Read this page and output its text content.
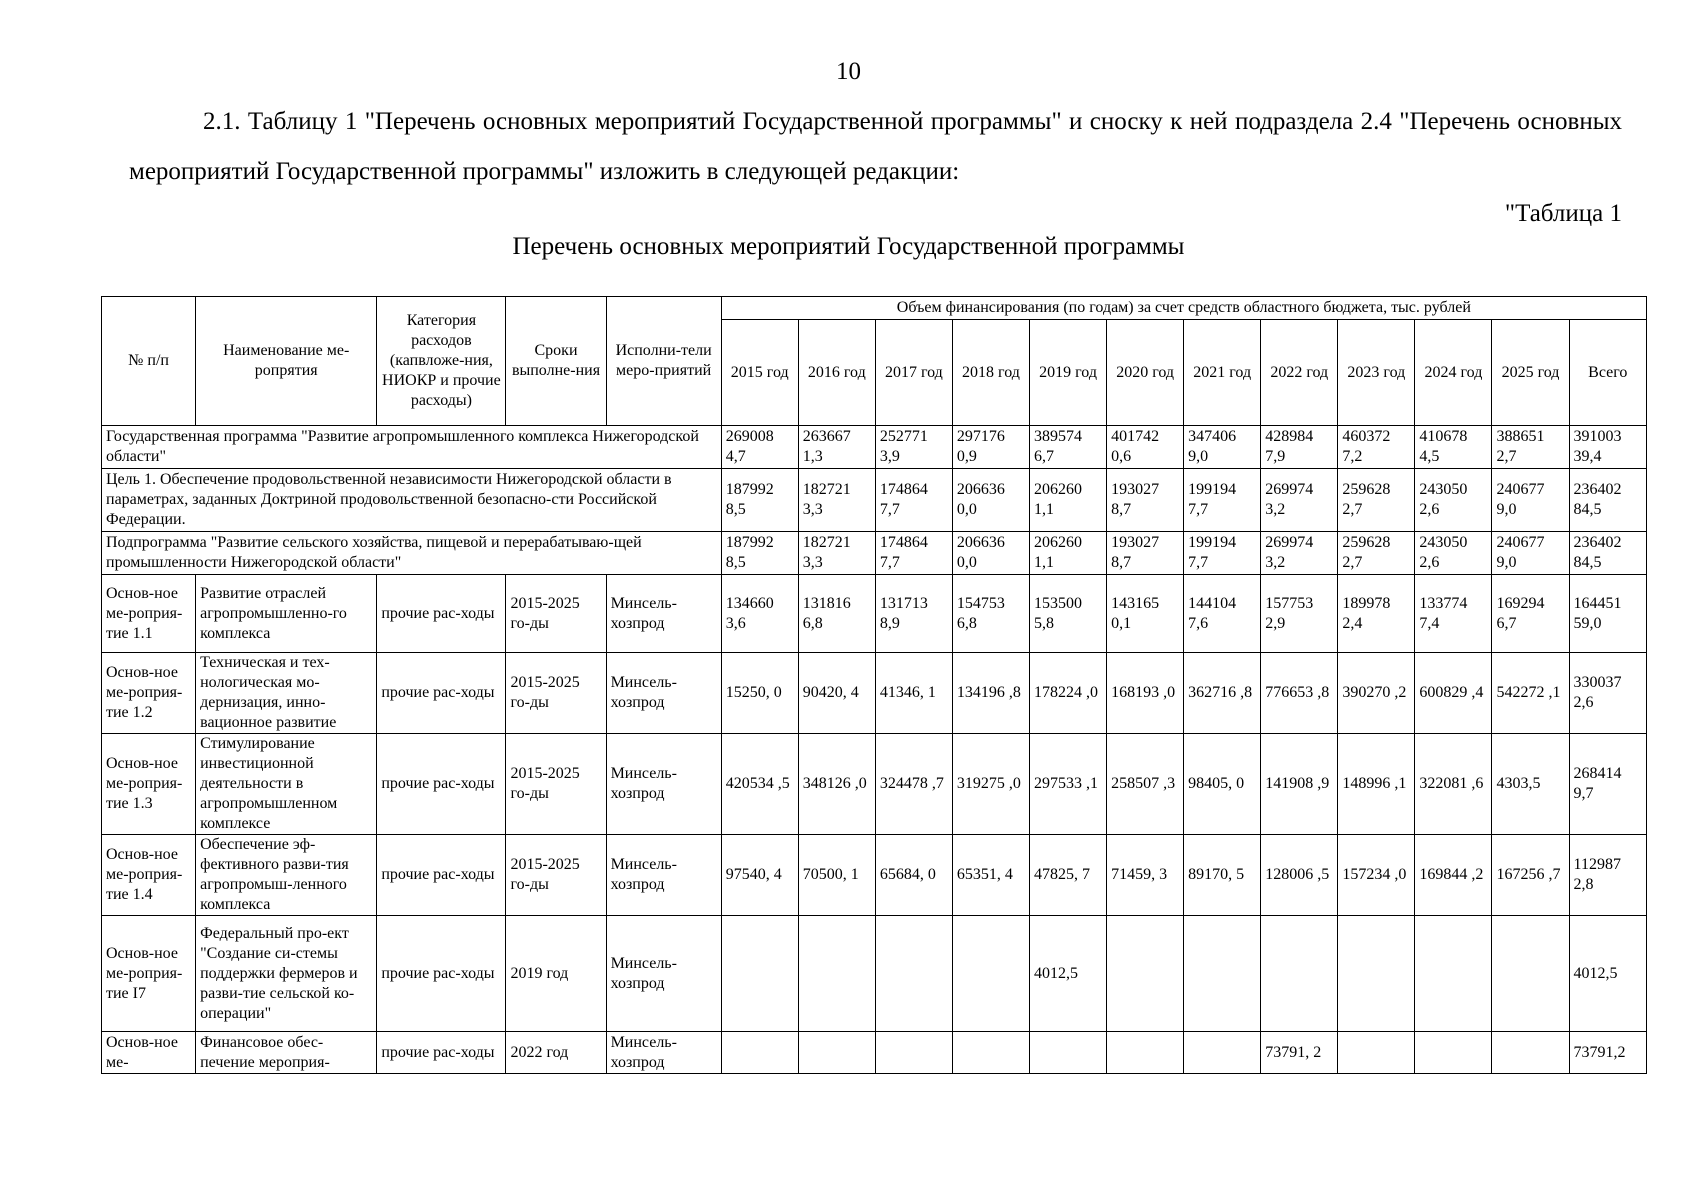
10
2.1. Таблицу 1 "Перечень основных мероприятий Государственной программы" и сноску к ней подраздела 2.4 "Перечень основных мероприятий Государственной программы" изложить в следующей редакции:
"Таблица 1
Перечень основных мероприятий Государственной программы
№ п/п	Наименование ме-ропрятия	Категория расходов (капвложе-ния, НИОКР и прочие расходы)	Сроки выполне-ния	Исполни-тели меро-приятий	Объем финансирования (по годам) за счет средств областного бюджета, тыс. рублей											
					2015 год	2016 год	2017 год	2018 год	2019 год	2020 год	2021 год	2022 год	2023 год	2024 год	2025 год	Всего
Государственная программа "Развитие агропромышленного комплекса Нижегородской области"					269008 4,7	263667 1,3	252771 3,9	297176 0,9	389574 6,7	401742 0,6	347406 9,0	428984 7,9	460372 7,2	410678 4,5	388651 2,7	391003 39,4
Цель 1. Обеспечение продовольственной независимости Нижегородской области в параметрах, заданных Доктриной продовольственной безопасно-сти Российской Федерации.					187992 8,5	182721 3,3	174864 7,7	206636 0,0	206260 1,1	193027 8,7	199194 7,7	269974 3,2	259628 2,7	243050 2,6	240677 9,0	236402 84,5
Подпрограмма "Развитие сельского хозяйства, пищевой и перерабатываю-щей промышленности Нижегородской области"					187992 8,5	182721 3,3	174864 7,7	206636 0,0	206260 1,1	193027 8,7	199194 7,7	269974 3,2	259628 2,7	243050 2,6	240677 9,0	236402 84,5
Основ-ное ме-роприя-тие 1.1	Развитие отраслей агропромышленно-го комплекса	прочие рас-ходы	2015-2025 го-ды	Минсель-хозпрод	134660 3,6	131816 6,8	131713 8,9	154753 6,8	153500 5,8	143165 0,1	144104 7,6	157753 2,9	189978 2,4	133774 7,4	169294 6,7	164451 59,0
Основ-ное ме-роприя-тие 1.2	Техническая и тех-нологическая мо-дернизация, инно-вационное развитие	прочие рас-ходы	2015-2025 го-ды	Минсель-хозпрод	15250, 0	90420, 4	41346, 1	134196 ,8	178224 ,0	168193 ,0	362716 ,8	776653 ,8	390270 ,2	600829 ,4	542272 ,1	330037 2,6
Основ-ное ме-роприя-тие 1.3	Стимулирование инвестиционной деятельности в агропромышленном комплексе	прочие рас-ходы	2015-2025 го-ды	Минсель-хозпрод	420534 ,5	348126 ,0	324478 ,7	319275 ,0	297533 ,1	258507 ,3	98405, 0	141908 ,9	148996 ,1	322081 ,6	4303,5	268414 9,7
Основ-ное ме-роприя-тие 1.4	Обеспечение эф-фективного разви-тия агропромыш-ленного комплекса	прочие рас-ходы	2015-2025 го-ды	Минсель-хозпрод	97540, 4	70500, 1	65684, 0	65351, 4	47825, 7	71459, 3	89170, 5	128006 ,5	157234 ,0	169844 ,2	167256 ,7	112987 2,8
Основ-ное ме-роприя-тие I7	Федеральный про-ект "Создание си-стемы поддержки фермеров и разви-тие сельской ко-операции"	прочие рас-ходы	2019 год	Минсель-хозпрод					4012,5							4012,5
Основ-ное ме-	Финансовое обес-печение мероприя-	прочие рас-ходы	2022 год	Минсель-хозпрод								73791, 2				73791,2
